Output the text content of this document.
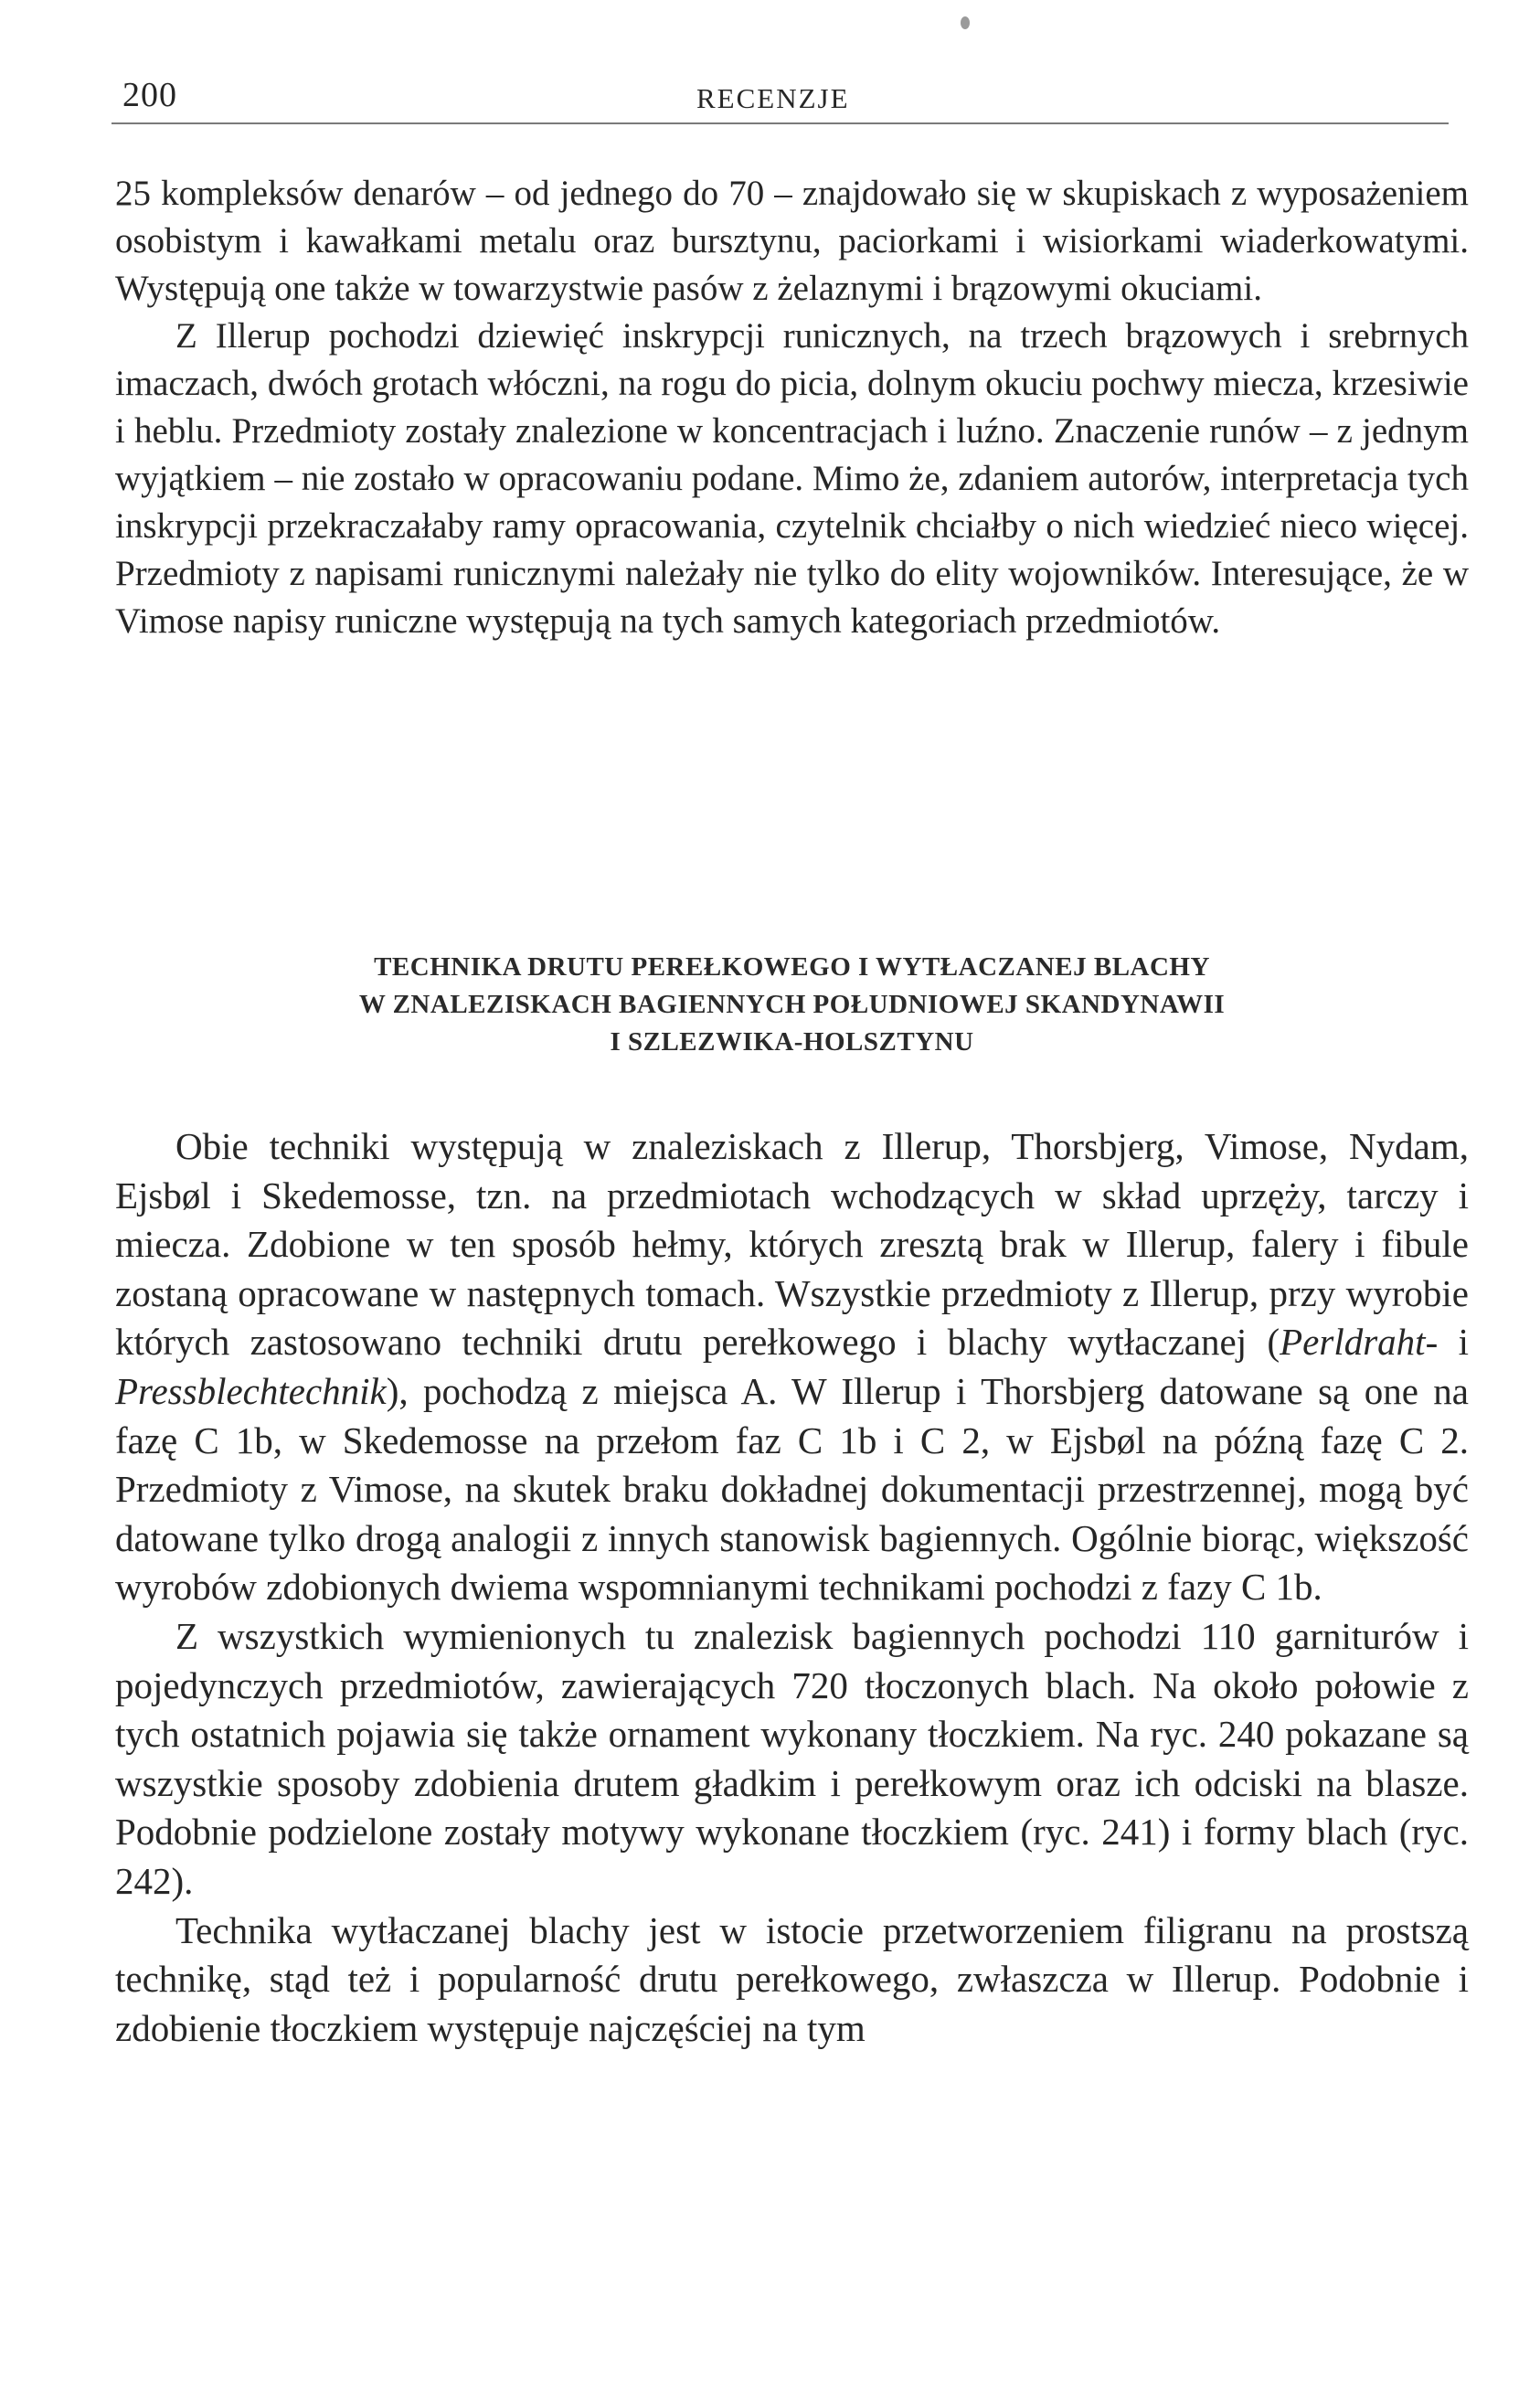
200	RECENZJE

25 kompleksów denarów – od jednego do 70 – znajdowało się w skupiskach z wyposażeniem osobistym i kawałkami metalu oraz bursztynu, paciorkami i wisiorkami wiaderkowatymi. Występują one także w towarzystwie pasów z żelaznymi i brązowymi okuciami.

Z Illerup pochodzi dziewięć inskrypcji runicznych, na trzech brązowych i srebrnych imaczach, dwóch grotach włóczni, na rogu do picia, dolnym okuciu pochwy miecza, krzesiwie i heblu. Przedmioty zostały znalezione w koncentracjach i luźno. Znaczenie runów – z jednym wyjątkiem – nie zostało w opracowaniu podane. Mimo że, zdaniem autorów, interpretacja tych inskrypcji przekraczałaby ramy opracowania, czytelnik chciałby o nich wiedzieć nieco więcej. Przedmioty z napisami runicznymi należały nie tylko do elity wojowników. Interesujące, że w Vimose napisy runiczne występują na tych samych kategoriach przedmiotów.

TECHNIKA DRUTU PEREŁKOWEGO I WYTŁACZANEJ BLACHY
W ZNALEZISKACH BAGIENNYCH POŁUDNIOWEJ SKANDYNAWII
I SZLEZWIKA-HOLSZTYNU

Obie techniki występują w znaleziskach z Illerup, Thorsbjerg, Vimose, Nydam, Ejsbøl i Skedemosse, tzn. na przedmiotach wchodzących w skład uprzęży, tarczy i miecza. Zdobione w ten sposób hełmy, których zresztą brak w Illerup, falery i fibule zostaną opracowane w następnych tomach. Wszystkie przedmioty z Illerup, przy wyrobie których zastosowano techniki drutu perełkowego i blachy wytłaczanej (Perldraht- i Pressblechtechnik), pochodzą z miejsca A. W Illerup i Thorsbjerg datowane są one na fazę C 1b, w Skedemosse na przełom faz C 1b i C 2, w Ejsbøl na późną fazę C 2. Przedmioty z Vimose, na skutek braku dokładnej dokumentacji przestrzennej, mogą być datowane tylko drogą analogii z innych stanowisk bagiennych. Ogólnie biorąc, większość wyrobów zdobionych dwiema wspomnianymi technikami pochodzi z fazy C 1b.

Z wszystkich wymienionych tu znalezisk bagiennych pochodzi 110 garniturów i pojedynczych przedmiotów, zawierających 720 tłoczonych blach. Na około połowie z tych ostatnich pojawia się także ornament wykonany tłoczkiem. Na ryc. 240 pokazane są wszystkie sposoby zdobienia drutem gładkim i perełkowym oraz ich odciski na blasze. Podobnie podzielone zostały motywy wykonane tłoczkiem (ryc. 241) i formy blach (ryc. 242).

Technika wytłaczanej blachy jest w istocie przetworzeniem filigranu na prostszą technikę, stąd też i popularność drutu perełkowego, zwłaszcza w Illerup. Podobnie i zdobienie tłoczkiem występuje najczęściej na tym
